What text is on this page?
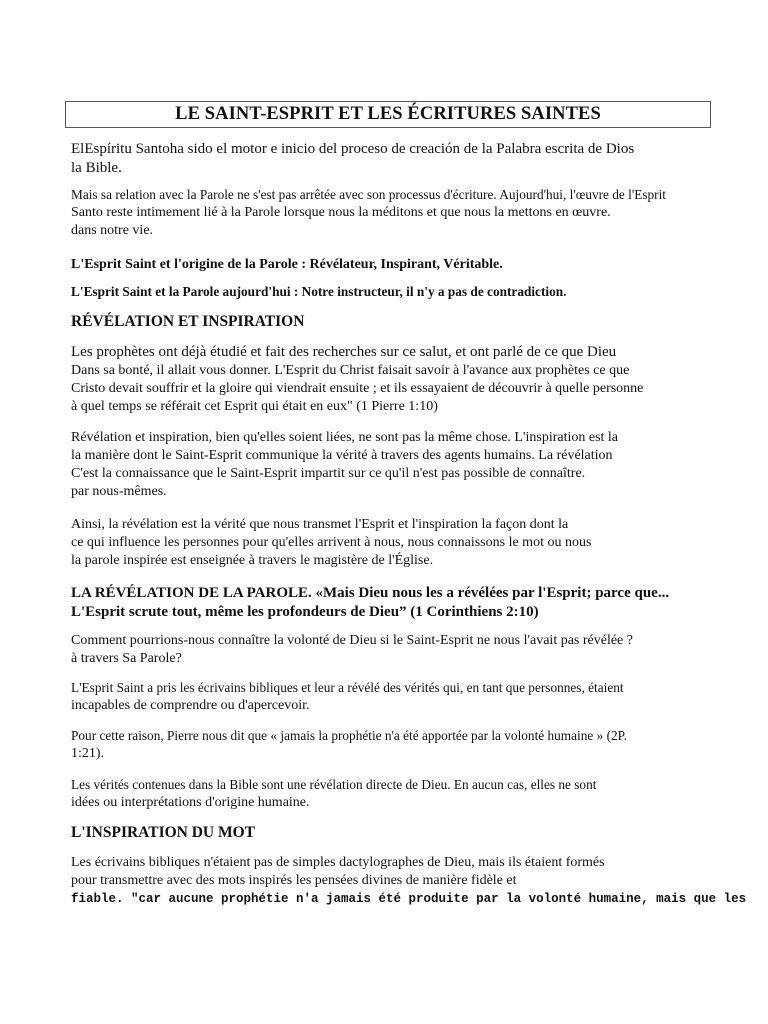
LE SAINT-ESPRIT ET LES ÉCRITURES SAINTES
ElEspíritu Santoha sido el motor e inicio del proceso de creación de la Palabra escrita de Dios
la Bible.
Mais sa relation avec la Parole ne s'est pas arrêtée avec son processus d'écriture. Aujourd'hui, l'œuvre de l'Esprit
Santo reste intimement lié à la Parole lorsque nous la méditons et que nous la mettons en œuvre.
dans notre vie.
L'Esprit Saint et l'origine de la Parole : Révélateur, Inspirant, Véritable.
L'Esprit Saint et la Parole aujourd'hui : Notre instructeur, il n'y a pas de contradiction.
RÉVÉLATION ET INSPIRATION
Les prophètes ont déjà étudié et fait des recherches sur ce salut, et ont parlé de ce que Dieu
Dans sa bonté, il allait vous donner. L'Esprit du Christ faisait savoir à l'avance aux prophètes ce que
Cristo devait souffrir et la gloire qui viendrait ensuite ; et ils essayaient de découvrir à quelle personne
à quel temps se référait cet Esprit qui était en eux" (1 Pierre 1:10)
Révélation et inspiration, bien qu'elles soient liées, ne sont pas la même chose. L'inspiration est la
la manière dont le Saint-Esprit communique la vérité à travers des agents humains. La révélation
C'est la connaissance que le Saint-Esprit impartit sur ce qu'il n'est pas possible de connaître.
par nous-mêmes.
Ainsi, la révélation est la vérité que nous transmet l'Esprit et l'inspiration la façon dont la
ce qui influence les personnes pour qu'elles arrivent à nous, nous connaissons le mot ou nous
la parole inspirée est enseignée à travers le magistère de l'Église.
LA RÉVÉLATION DE LA PAROLE. «Mais Dieu nous les a révélées par l'Esprit; parce que...
L'Esprit scrute tout, même les profondeurs de Dieu” (1 Corinthiens 2:10)
Comment pourrions-nous connaître la volonté de Dieu si le Saint-Esprit ne nous l'avait pas révélée ?
à travers Sa Parole?
L'Esprit Saint a pris les écrivains bibliques et leur a révélé des vérités qui, en tant que personnes, étaient
incapables de comprendre ou d'apercevoir.
Pour cette raison, Pierre nous dit que « jamais la prophétie n'a été apportée par la volonté humaine » (2P.
1:21).
Les vérités contenues dans la Bible sont une révélation directe de Dieu. En aucun cas, elles ne sont
idées ou interprétations d'origine humaine.
L'INSPIRATION DU MOT
Les écrivains bibliques n'étaient pas de simples dactylographes de Dieu, mais ils étaient formés
pour transmettre avec des mots inspirés les pensées divines de manière fidèle et
fiable. "car aucune prophétie n'a jamais été produite par la volonté humaine, mais que les
